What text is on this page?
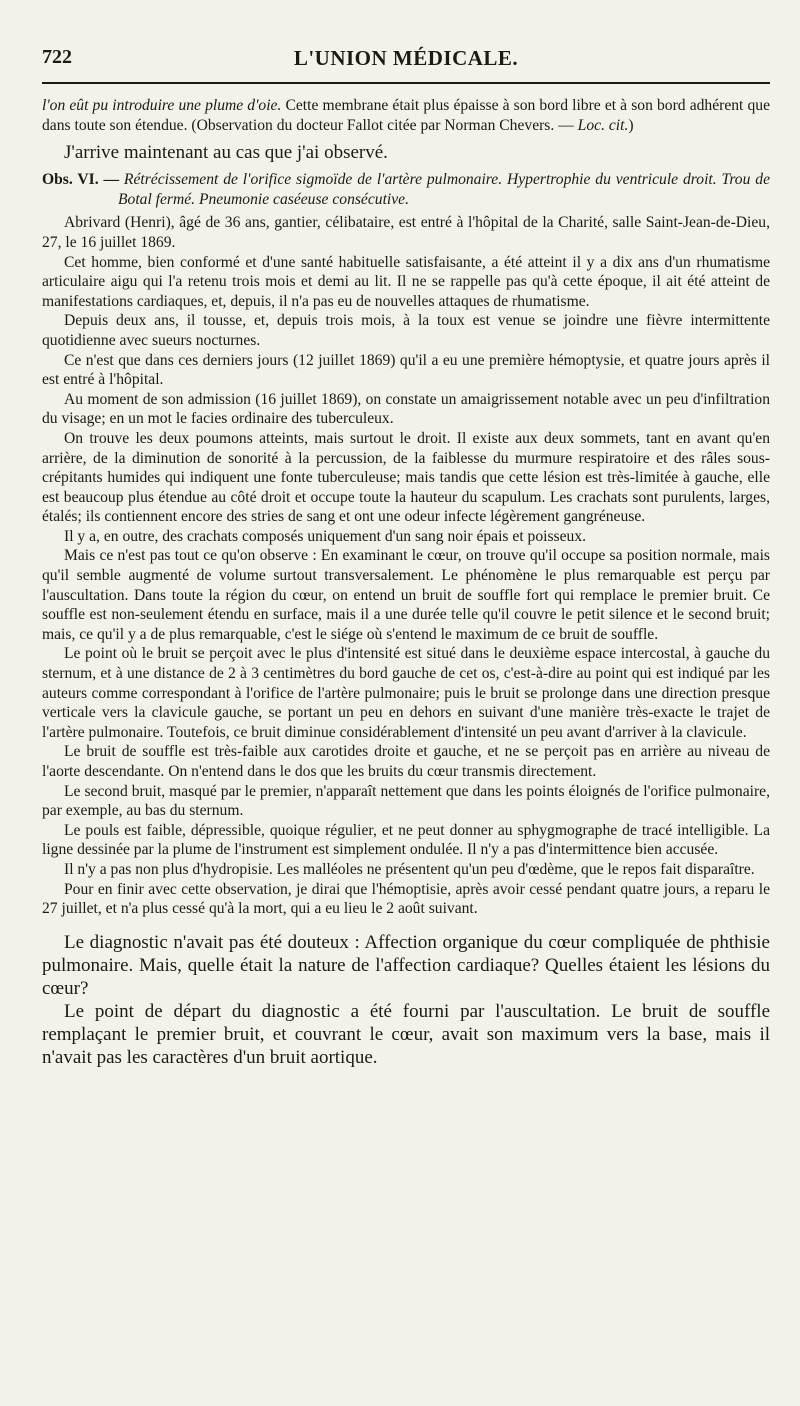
722	L'UNION MÉDICALE.

l'on eût pu introduire une plume d'oie. Cette membrane était plus épaisse à son bord libre et à son bord adhérent que dans toute son étendue. (Observation du docteur Fallot citée par Norman Chevers. — Loc. cit.)

J'arrive maintenant au cas que j'ai observé.

Obs. VI. — Rétrécissement de l'orifice sigmoïde de l'artère pulmonaire. Hypertrophie du ventricule droit. Trou de Botal fermé. Pneumonie caséeuse consécutive.

Abrivard (Henri), âgé de 36 ans, gantier, célibataire, est entré à l'hôpital de la Charité, salle Saint-Jean-de-Dieu, 27, le 16 juillet 1869.

Cet homme, bien conformé et d'une santé habituelle satisfaisante, a été atteint il y a dix ans d'un rhumatisme articulaire aigu qui l'a retenu trois mois et demi au lit. Il ne se rappelle pas qu'à cette époque, il ait été atteint de manifestations cardiaques, et, depuis, il n'a pas eu de nouvelles attaques de rhumatisme.

Depuis deux ans, il tousse, et, depuis trois mois, à la toux est venue se joindre une fièvre intermittente quotidienne avec sueurs nocturnes.

Ce n'est que dans ces derniers jours (12 juillet 1869) qu'il a eu une première hémoptysie, et quatre jours après il est entré à l'hôpital.

Au moment de son admission (16 juillet 1869), on constate un amaigrissement notable avec un peu d'infiltration du visage; en un mot le facies ordinaire des tuberculeux.

On trouve les deux poumons atteints, mais surtout le droit. Il existe aux deux sommets, tant en avant qu'en arrière, de la diminution de sonorité à la percussion, de la faiblesse du murmure respiratoire et des râles sous-crépitants humides qui indiquent une fonte tuberculeuse; mais tandis que cette lésion est très-limitée à gauche, elle est beaucoup plus étendue au côté droit et occupe toute la hauteur du scapulum. Les crachats sont purulents, larges, étalés; ils contiennent encore des stries de sang et ont une odeur infecte légèrement gangréneuse.

Il y a, en outre, des crachats composés uniquement d'un sang noir épais et poisseux.

Mais ce n'est pas tout ce qu'on observe : En examinant le cœur, on trouve qu'il occupe sa position normale, mais qu'il semble augmenté de volume surtout transversalement. Le phénomène le plus remarquable est perçu par l'auscultation. Dans toute la région du cœur, on entend un bruit de souffle fort qui remplace le premier bruit. Ce souffle est non-seulement étendu en surface, mais il a une durée telle qu'il couvre le petit silence et le second bruit; mais, ce qu'il y a de plus remarquable, c'est le siége où s'entend le maximum de ce bruit de souffle.

Le point où le bruit se perçoit avec le plus d'intensité est situé dans le deuxième espace intercostal, à gauche du sternum, et à une distance de 2 à 3 centimètres du bord gauche de cet os, c'est-à-dire au point qui est indiqué par les auteurs comme correspondant à l'orifice de l'artère pulmonaire; puis le bruit se prolonge dans une direction presque verticale vers la clavicule gauche, se portant un peu en dehors en suivant d'une manière très-exacte le trajet de l'artère pulmonaire. Toutefois, ce bruit diminue considérablement d'intensité un peu avant d'arriver à la clavicule.

Le bruit de souffle est très-faible aux carotides droite et gauche, et ne se perçoit pas en arrière au niveau de l'aorte descendante. On n'entend dans le dos que les bruits du cœur transmis directement.

Le second bruit, masqué par le premier, n'apparaît nettement que dans les points éloignés de l'orifice pulmonaire, par exemple, au bas du sternum.

Le pouls est faible, dépressible, quoique régulier, et ne peut donner au sphygmographe de tracé intelligible. La ligne dessinée par la plume de l'instrument est simplement ondulée. Il n'y a pas d'intermittence bien accusée.

Il n'y a pas non plus d'hydropisie. Les malléoles ne présentent qu'un peu d'œdème, que le repos fait disparaître.

Pour en finir avec cette observation, je dirai que l'hémoptisie, après avoir cessé pendant quatre jours, a reparu le 27 juillet, et n'a plus cessé qu'à la mort, qui a eu lieu le 2 août suivant.

Le diagnostic n'avait pas été douteux : Affection organique du cœur compliquée de phthisie pulmonaire. Mais, quelle était la nature de l'affection cardiaque? Quelles étaient les lésions du cœur?

Le point de départ du diagnostic a été fourni par l'auscultation. Le bruit de souffle remplaçant le premier bruit, et couvrant le cœur, avait son maximum vers la base, mais il n'avait pas les caractères d'un bruit aortique.
